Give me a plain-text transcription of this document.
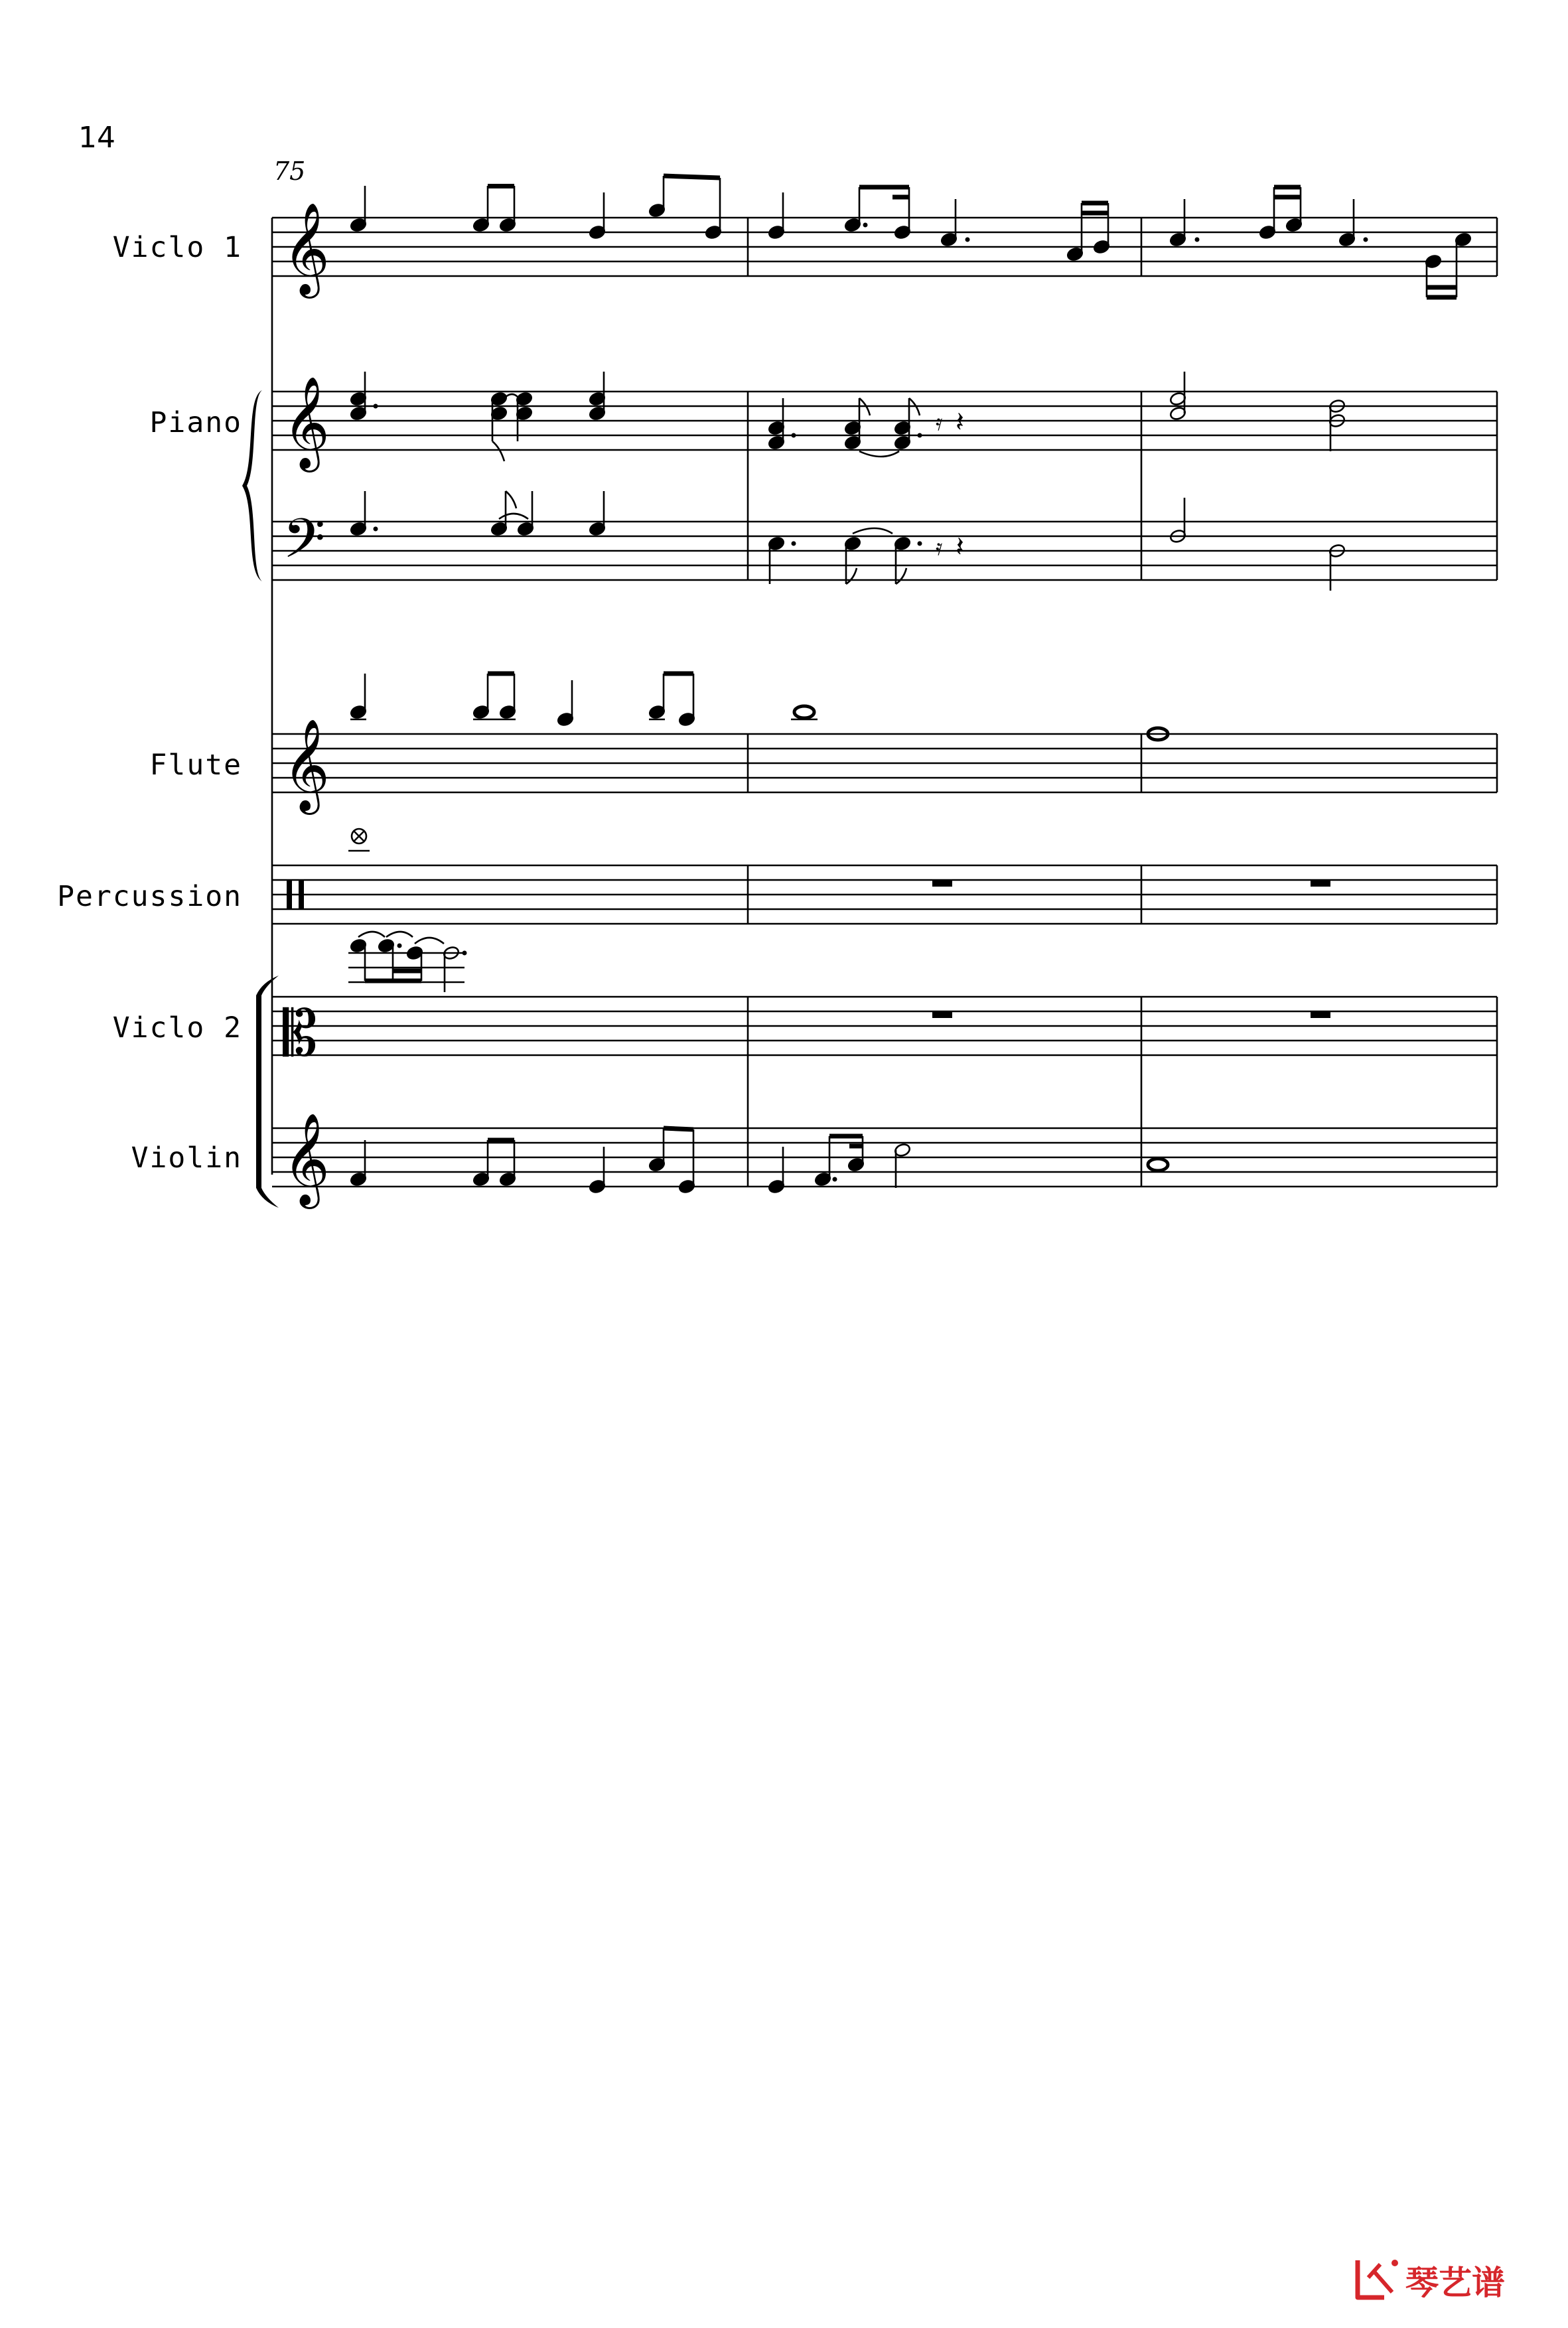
14
75
Viclo 1
Piano
Flute
Percussion
Viclo 2
Violin
𝄞
𝄞
𝄢
𝄞
𝄡
𝄞
𝄿 𝄽
𝄿 𝄽
琴艺谱
